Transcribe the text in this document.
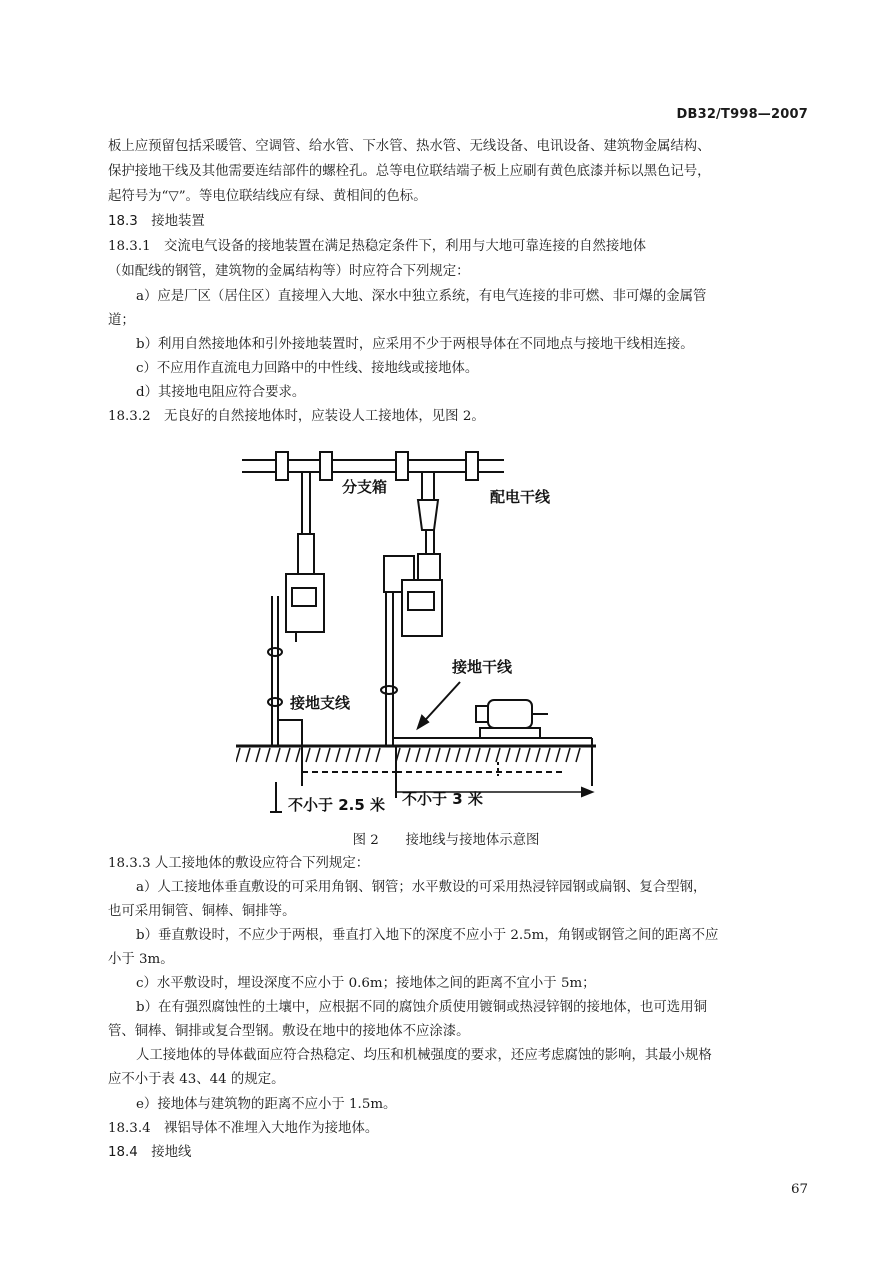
DB32/T998—2007
板上应预留包括采暖管、空调管、给水管、下水管、热水管、无线设备、电讯设备、建筑物金属结构、
保护接地干线及其他需要连结部件的螺栓孔。总等电位联结端子板上应刷有黄色底漆并标以黑色记号，
起符号为“▽”。等电位联结线应有绿、黄相间的色标。
18.3　接地装置
18.3.1　交流电气设备的接地装置在满足热稳定条件下，利用与大地可靠连接的自然接地体
（如配线的钢管，建筑物的金属结构等）时应符合下列规定：
a）应是厂区（居住区）直接埋入大地、深水中独立系统，有电气连接的非可燃、非可爆的金属管
道；
b）利用自然接地体和引外接地装置时，应采用不少于两根导体在不同地点与接地干线相连接。
c）不应用作直流电力回路中的中性线、接地线或接地体。
d）其接地电阻应符合要求。
18.3.2　无良好的自然接地体时，应装设人工接地体，见图 2。
分支箱
配电干线
接地干线
接地支线
不小于 2.5 米 不小于 3 米
图 2　　接地线与接地体示意图
18.3.3 人工接地体的敷设应符合下列规定：
a）人工接地体垂直敷设的可采用角钢、钢管；水平敷设的可采用热浸锌园钢或扁钢、复合型钢，
也可采用铜管、铜棒、铜排等。
b）垂直敷设时，不应少于两根，垂直打入地下的深度不应小于 2.5m，角钢或钢管之间的距离不应
小于 3m。
c）水平敷设时，埋设深度不应小于 0.6m；接地体之间的距离不宜小于 5m；
b）在有强烈腐蚀性的土壤中，应根据不同的腐蚀介质使用镀铜或热浸锌钢的接地体，也可选用铜
管、铜棒、铜排或复合型钢。敷设在地中的接地体不应涂漆。
人工接地体的导体截面应符合热稳定、均压和机械强度的要求，还应考虑腐蚀的影响，其最小规格
应不小于表 43、44 的规定。
e）接地体与建筑物的距离不应小于 1.5m。
18.3.4　裸铝导体不准埋入大地作为接地体。
18.4　接地线
67
